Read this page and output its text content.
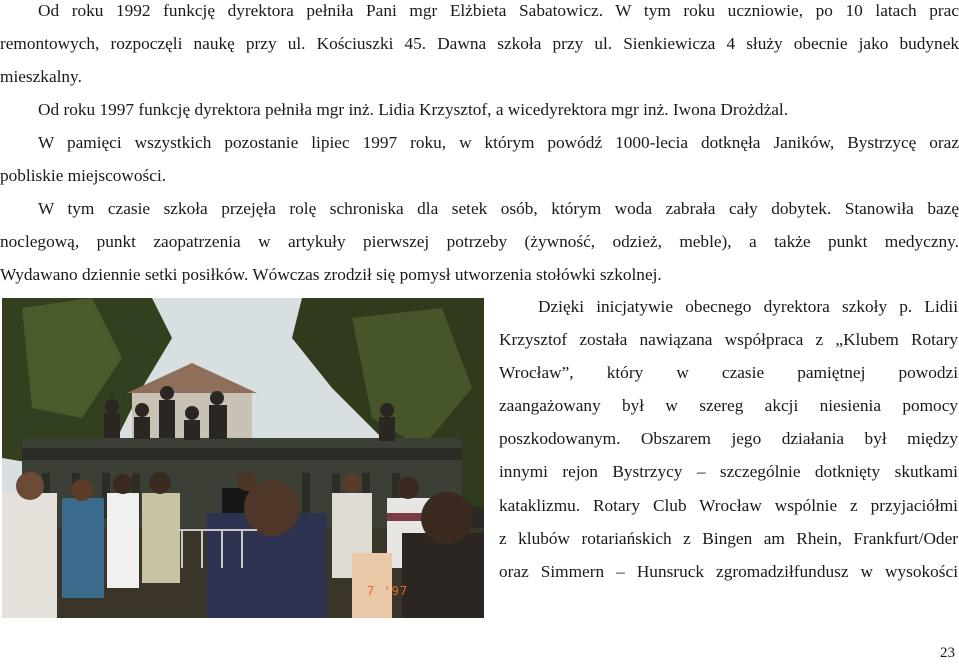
Od roku 1992 funkcję dyrektora pełniła Pani mgr Elżbieta Sabatowicz. W tym roku uczniowie, po 10 latach prac

remontowych, rozpoczęli naukę przy ul. Kościuszki 45. Dawna szkoła przy ul. Sienkiewicza 4 służy obecnie jako budynek

mieszkalny.

Od roku 1997 funkcję dyrektora pełniła mgr inż. Lidia Krzysztof, a wicedyrektora mgr inż. Iwona Drożdżal.

W pamięci wszystkich pozostanie lipiec 1997 roku, w którym powódź 1000-lecia dotknęła Janików, Bystrzycę oraz

pobliskie miejscowości.

W tym czasie szkoła przejęła rolę schroniska dla setek osób, którym woda zabrała cały dobytek. Stanowiła bazę

noclegową, punkt zaopatrzenia w artykuły pierwszej potrzeby (żywność, odzież, meble), a także punkt medyczny.

Wydawano dziennie setki posiłków. Wówczas zrodził się pomysł utworzenia stołówki szkolnej.

7 '97

Dzięki inicjatywie obecnego dyrektora szkoły p. Lidii

Krzysztof została nawiązana współpraca z „Klubem Rotary

Wrocław”, który w czasie pamiętnej powodzi

zaangażowany był w szereg akcji niesienia pomocy

poszkodowanym. Obszarem jego działania był między

innymi rejon Bystrzycy – szczególnie dotknięty skutkami

kataklizmu. Rotary Club Wrocław wspólnie z przyjaciółmi

z klubów rotariańskich z Bingen am Rhein, Frankfurt/Oder

oraz Simmern – Hunsruck zgromadziłfundusz w wysokości

23
